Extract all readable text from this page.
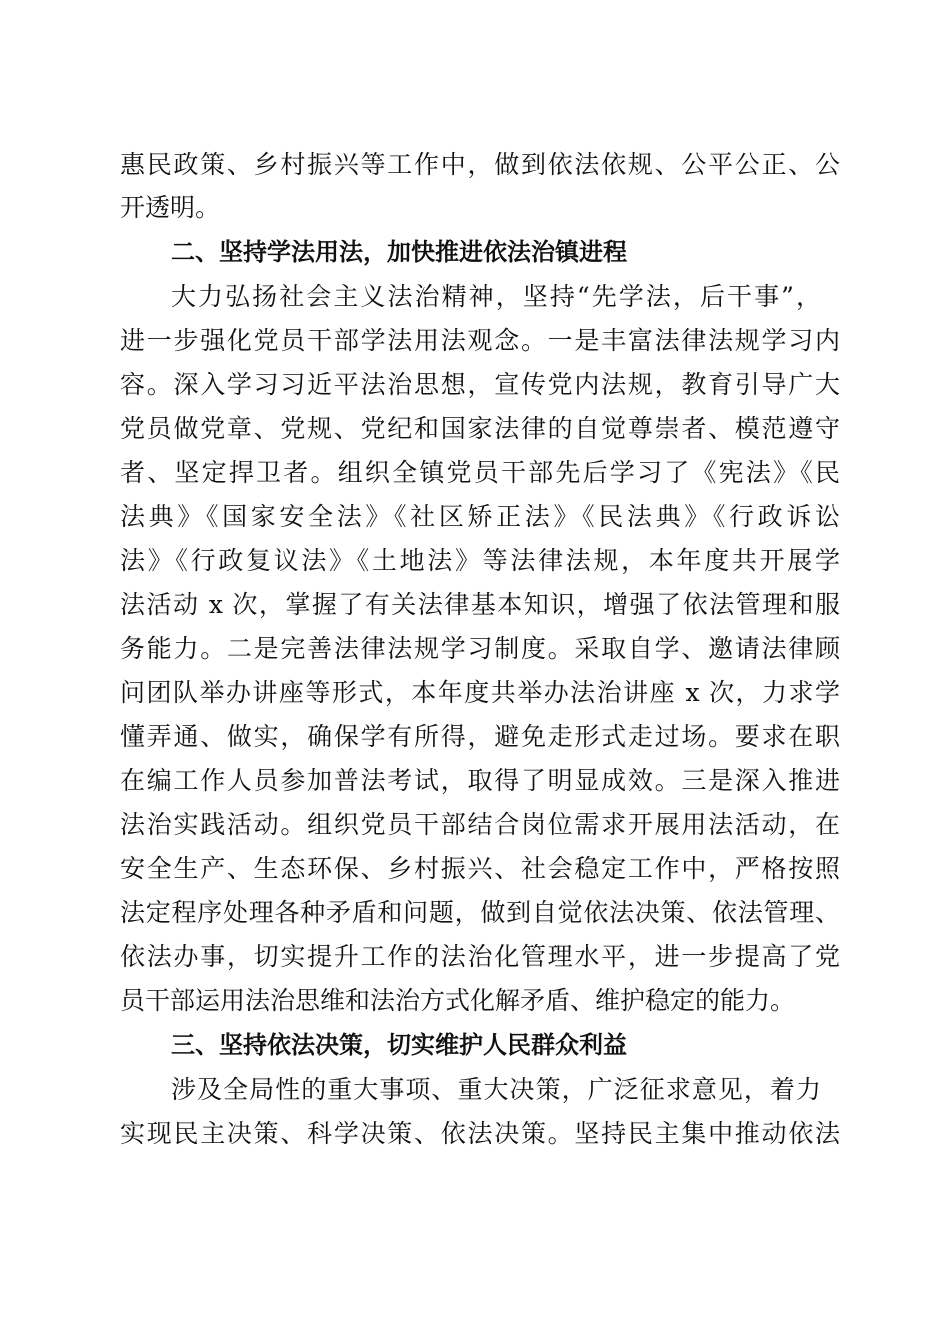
惠民政策、乡村振兴等工作中，做到依法依规、公平公正、公
开透明。
二、坚持学法用法，加快推进依法治镇进程
大力弘扬社会主义法治精神，坚持“先学法，后干事”，
进一步强化党员干部学法用法观念。一是丰富法律法规学习内
容。深入学习习近平法治思想，宣传党内法规，教育引导广大
党员做党章、党规、党纪和国家法律的自觉尊崇者、模范遵守
者、坚定捍卫者。组织全镇党员干部先后学习了《宪法》《民
法典》《国家安全法》《社区矫正法》《民法典》《行政诉讼
法》《行政复议法》《土地法》等法律法规，本年度共开展学
法活动 x 次，掌握了有关法律基本知识，增强了依法管理和服
务能力。二是完善法律法规学习制度。采取自学、邀请法律顾
问团队举办讲座等形式，本年度共举办法治讲座 x 次，力求学
懂弄通、做实，确保学有所得，避免走形式走过场。要求在职
在编工作人员参加普法考试，取得了明显成效。三是深入推进
法治实践活动。组织党员干部结合岗位需求开展用法活动，在
安全生产、生态环保、乡村振兴、社会稳定工作中，严格按照
法定程序处理各种矛盾和问题，做到自觉依法决策、依法管理、
依法办事，切实提升工作的法治化管理水平，进一步提高了党
员干部运用法治思维和法治方式化解矛盾、维护稳定的能力。
三、坚持依法决策，切实维护人民群众利益
涉及全局性的重大事项、重大决策，广泛征求意见，着力
实现民主决策、科学决策、依法决策。坚持民主集中推动依法
